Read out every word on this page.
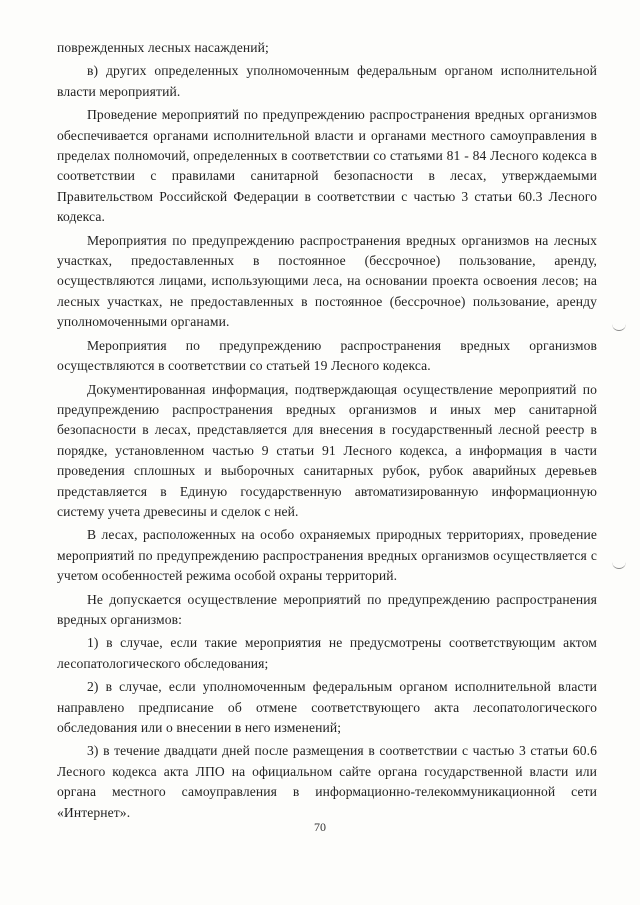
поврежденных лесных насаждений;

в) других определенных уполномоченным федеральным органом исполнительной власти мероприятий.

Проведение мероприятий по предупреждению распространения вредных организмов обеспечивается органами исполнительной власти и органами местного самоуправления в пределах полномочий, определенных в соответствии со статьями 81 - 84 Лесного кодекса в соответствии с правилами санитарной безопасности в лесах, утверждаемыми Правительством Российской Федерации в соответствии с частью 3 статьи 60.3 Лесного кодекса.

Мероприятия по предупреждению распространения вредных организмов на лесных участках, предоставленных в постоянное (бессрочное) пользование, аренду, осуществляются лицами, использующими леса, на основании проекта освоения лесов; на лесных участках, не предоставленных в постоянное (бессрочное) пользование, аренду уполномоченными органами.

Мероприятия по предупреждению распространения вредных организмов осуществляются в соответствии со статьей 19 Лесного кодекса.

Документированная информация, подтверждающая осуществление мероприятий по предупреждению распространения вредных организмов и иных мер санитарной безопасности в лесах, представляется для внесения в государственный лесной реестр в порядке, установленном частью 9 статьи 91 Лесного кодекса, а информация в части проведения сплошных и выборочных санитарных рубок, рубок аварийных деревьев представляется в Единую государственную автоматизированную информационную систему учета древесины и сделок с ней.

В лесах, расположенных на особо охраняемых природных территориях, проведение мероприятий по предупреждению распространения вредных организмов осуществляется с учетом особенностей режима особой охраны территорий.

Не допускается осуществление мероприятий по предупреждению распространения вредных организмов:

1) в случае, если такие мероприятия не предусмотрены соответствующим актом лесопатологического обследования;

2) в случае, если уполномоченным федеральным органом исполнительной власти направлено предписание об отмене соответствующего акта лесопатологического обследования или о внесении в него изменений;

3) в течение двадцати дней после размещения в соответствии с частью 3 статьи 60.6 Лесного кодекса акта ЛПО на официальном сайте органа государственной власти или органа местного самоуправления в информационно-телекоммуникационной сети «Интернет».

70
